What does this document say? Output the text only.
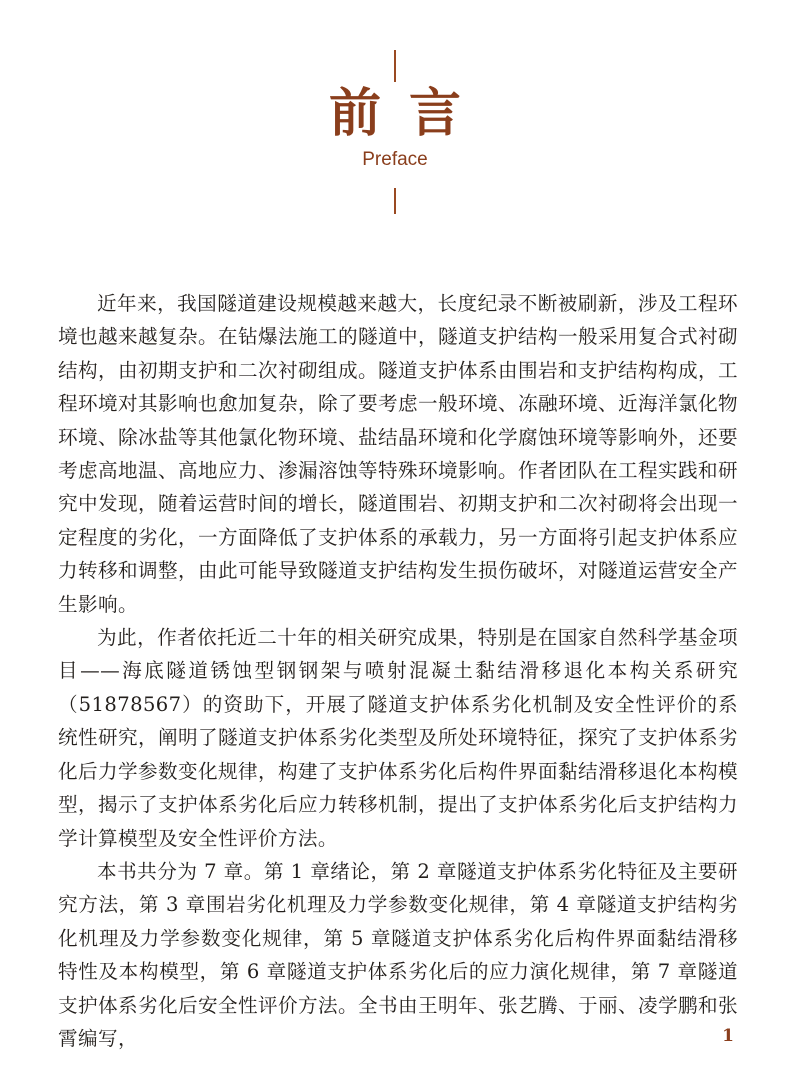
前言
Preface

近年来，我国隧道建设规模越来越大，长度纪录不断被刷新，涉及工程环境也越来越复杂。在钻爆法施工的隧道中，隧道支护结构一般采用复合式衬砌结构，由初期支护和二次衬砌组成。隧道支护体系由围岩和支护结构构成，工程环境对其影响也愈加复杂，除了要考虑一般环境、冻融环境、近海洋氯化物环境、除冰盐等其他氯化物环境、盐结晶环境和化学腐蚀环境等影响外，还要考虑高地温、高地应力、渗漏溶蚀等特殊环境影响。作者团队在工程实践和研究中发现，随着运营时间的增长，隧道围岩、初期支护和二次衬砌将会出现一定程度的劣化，一方面降低了支护体系的承载力，另一方面将引起支护体系应力转移和调整，由此可能导致隧道支护结构发生损伤破坏，对隧道运营安全产生影响。

为此，作者依托近二十年的相关研究成果，特别是在国家自然科学基金项目——海底隧道锈蚀型钢钢架与喷射混凝土黏结滑移退化本构关系研究（51878567）的资助下，开展了隧道支护体系劣化机制及安全性评价的系统性研究，阐明了隧道支护体系劣化类型及所处环境特征，探究了支护体系劣化后力学参数变化规律，构建了支护体系劣化后构件界面黏结滑移退化本构模型，揭示了支护体系劣化后应力转移机制，提出了支护体系劣化后支护结构力学计算模型及安全性评价方法。

本书共分为 7 章。第 1 章绪论，第 2 章隧道支护体系劣化特征及主要研究方法，第 3 章围岩劣化机理及力学参数变化规律，第 4 章隧道支护结构劣化机理及力学参数变化规律，第 5 章隧道支护体系劣化后构件界面黏结滑移特性及本构模型，第 6 章隧道支护体系劣化后的应力演化规律，第 7 章隧道支护体系劣化后安全性评价方法。全书由王明年、张艺腾、于丽、凌学鹏和张霄编写，	1
